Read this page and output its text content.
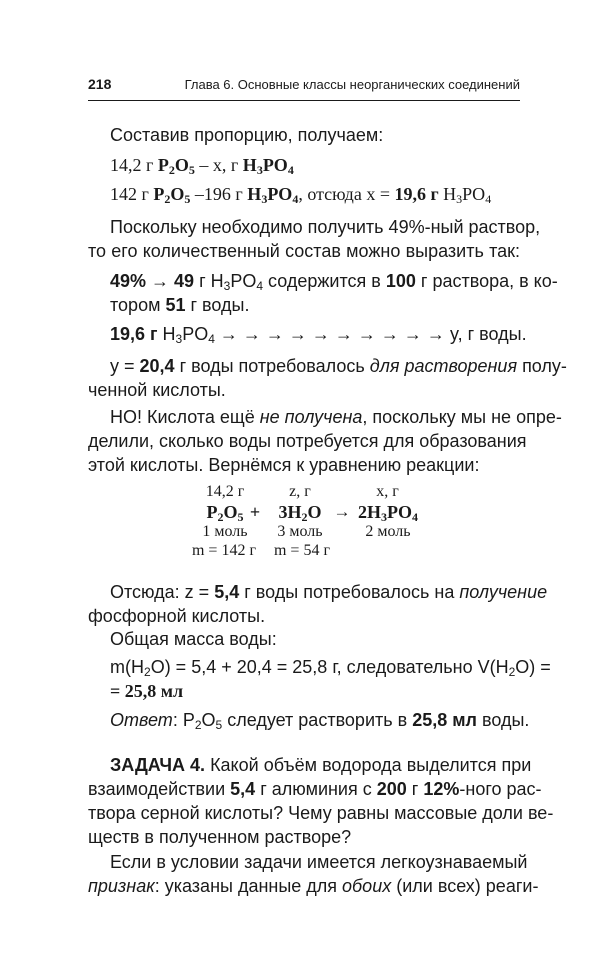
218	Глава 6. Основные классы неорганических соединений
Составив пропорцию, получаем:
14,2 г $P_2O_5$ – х, г $H_3PO_4$
142 г $P_2O_5$ –196 г $H_3PO_4$, отсюда х = 19,6 г $H_3PO_4$
Поскольку необходимо получить 49%-ный раствор,
то его количественный состав можно выразить так:
49% → 49 г $H_3PO_4$ содержится в 100 г раствора, в ко-
тором 51 г воды.
19,6 г $H_3PO_4$ → → → → → → → → → → y, г воды.
y = 20,4 г воды потребовалось для растворения полу-
ченной кислоты.
НО! Кислота ещё не получена, поскольку мы не опре-
делили, сколько воды потребуется для образования
этой кислоты. Вернёмся к уравнению реакции:
14,2 г	z, г	х, г
$P_2O_5$ +	$3H_2O \to 2H_3PO_4$
1 моль	3 моль	2 моль
m = 142 г	m = 54 г
Отсюда: z = 5,4 г воды потребовалось на получение
фосфорной кислоты.
Общая масса воды:
$m(H_2O) = 5,4 + 20,4 = 25,8$ г, следовательно $V(H_2O)$ =
= 25,8 мл
Ответ: $P_2O_5$ следует растворить в 25,8 мл воды.
ЗАДАЧА 4. Какой объём водорода выделится при
взаимодействии 5,4 г алюминия с 200 г 12%-ного рас-
твора серной кислоты? Чему равны массовые доли ве-
ществ в полученном растворе?
Если в условии задачи имеется легкоузнаваемый
признак: указаны данные для обоих (или всех) реаги-
